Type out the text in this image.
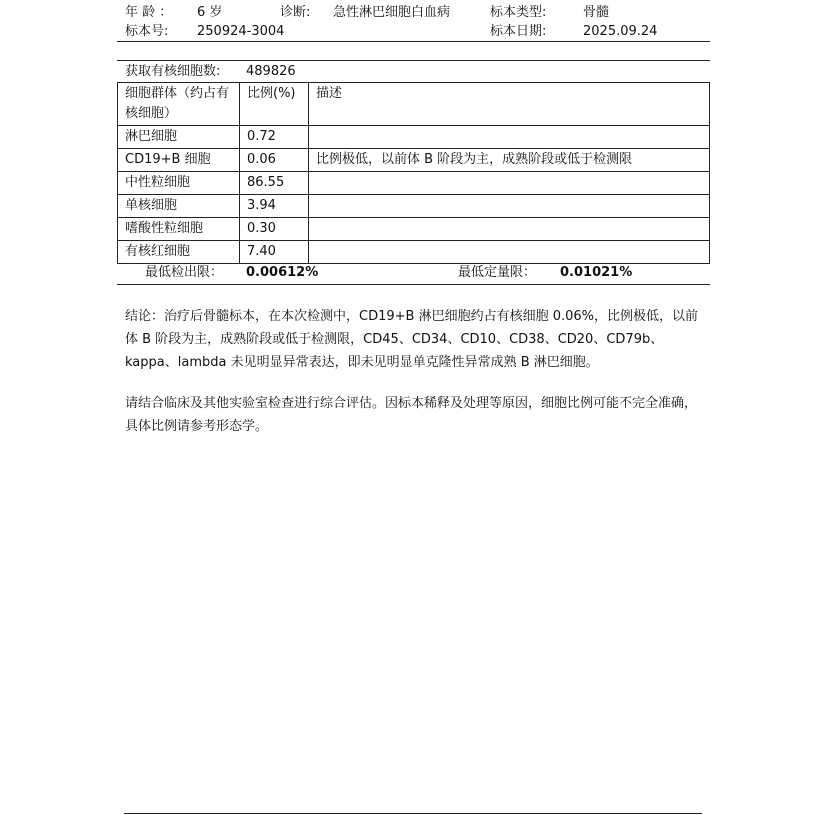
年 龄 ： 6 岁	诊断: 急性淋巴细胞白血病	标本类型:	骨髓
标本号: 250924-3004	标本日期:	2025.09.24
获取有核细胞数: 489826
细胞群体（约占有核细胞）	比例(%)	描述
淋巴细胞	0.72	
CD19+B 细胞	0.06	比例极低，以前体 B 阶段为主，成熟阶段或低于检测限
中性粒细胞	86.55	
单核细胞	3.94	
嗜酸性粒细胞	0.30	
有核红细胞	7.40	
最低检出限： 0.00612%	最低定量限： 0.01021%
结论：治疗后骨髓标本，在本次检测中，CD19+B 淋巴细胞约占有核细胞 0.06%，比例极低，以前体 B 阶段为主，成熟阶段或低于检测限，CD45、CD34、CD10、CD38、CD20、CD79b、kappa、lambda 未见明显异常表达，即未见明显单克隆性异常成熟 B 淋巴细胞。
请结合临床及其他实验室检查进行综合评估。因标本稀释及处理等原因，细胞比例可能不完全准确，具体比例请参考形态学。
